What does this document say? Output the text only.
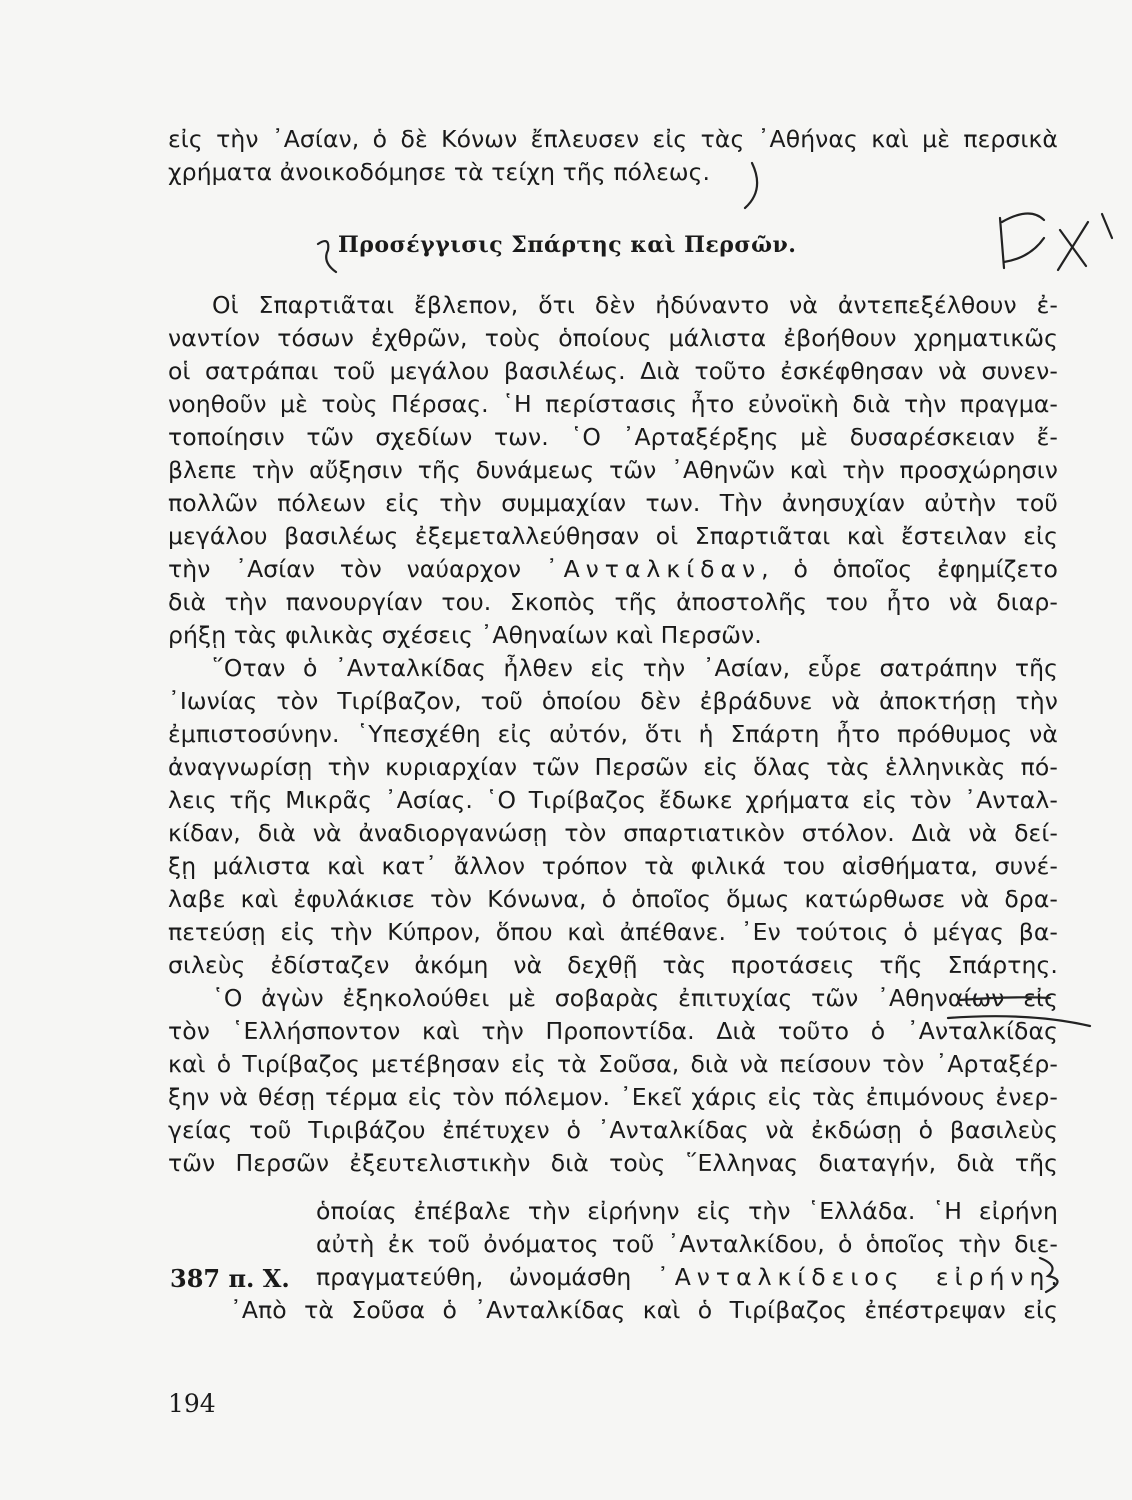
εἰς τὴν ᾿Ασίαν, ὁ δὲ Κόνων ἔπλευσεν εἰς τὰς ᾿Αθήνας καὶ μὲ περσικὰ
χρήματα ἀνοικοδόμησε τὰ τείχη τῆς πόλεως.
Προσέγγισις Σπάρτης καὶ Περσῶν.
Οἱ Σπαρτιᾶται ἔβλεπον, ὅτι δὲν ἠδύναντο νὰ ἀντεπεξέλθουν ἐ-
ναντίον τόσων ἐχθρῶν, τοὺς ὁποίους μάλιστα ἐβοήθουν χρηματικῶς
οἱ σατράπαι τοῦ μεγάλου βασιλέως. Διὰ τοῦτο ἐσκέφθησαν νὰ συνεν-
νοηθοῦν μὲ τοὺς Πέρσας. ῾Η περίστασις ἦτο εὐνοϊκὴ διὰ τὴν πραγμα-
τοποίησιν τῶν σχεδίων των. ῾Ο ᾿Αρταξέρξης μὲ δυσαρέσκειαν ἔ-
βλεπε τὴν αὔξησιν τῆς δυνάμεως τῶν ᾿Αθηνῶν καὶ τὴν προσχώρησιν
πολλῶν πόλεων εἰς τὴν συμμαχίαν των. Τὴν ἀνησυχίαν αὐτὴν τοῦ
μεγάλου βασιλέως ἐξεμεταλλεύθησαν οἱ Σπαρτιᾶται καὶ ἔστειλαν εἰς
τὴν ᾿Ασίαν τὸν ναύαρχον ᾿Ανταλκίδαν, ὁ ὁποῖος ἐφημίζετο
διὰ τὴν πανουργίαν του. Σκοπὸς τῆς ἀποστολῆς του ἦτο νὰ διαρ-
ρήξῃ τὰς φιλικὰς σχέσεις ᾿Αθηναίων καὶ Περσῶν.
῞Οταν ὁ ᾿Ανταλκίδας ἦλθεν εἰς τὴν ᾿Ασίαν, εὗρε σατράπην τῆς
᾿Ιωνίας τὸν Τιρίβαζον, τοῦ ὁποίου δὲν ἐβράδυνε νὰ ἀποκτήσῃ τὴν
ἐμπιστοσύνην. ῾Υπεσχέθη εἰς αὐτόν, ὅτι ἡ Σπάρτη ἦτο πρόθυμος νὰ
ἀναγνωρίσῃ τὴν κυριαρχίαν τῶν Περσῶν εἰς ὅλας τὰς ἑλληνικὰς πό-
λεις τῆς Μικρᾶς ᾿Ασίας. ῾Ο Τιρίβαζος ἔδωκε χρήματα εἰς τὸν ᾿Ανταλ-
κίδαν, διὰ νὰ ἀναδιοργανώσῃ τὸν σπαρτιατικὸν στόλον. Διὰ νὰ δεί-
ξῃ μάλιστα καὶ κατ᾿ ἄλλον τρόπον τὰ φιλικά του αἰσθήματα, συνέ-
λαβε καὶ ἐφυλάκισε τὸν Κόνωνα, ὁ ὁποῖος ὅμως κατώρθωσε νὰ δρα-
πετεύσῃ εἰς τὴν Κύπρον, ὅπου καὶ ἀπέθανε. ᾿Εν τούτοις ὁ μέγας βα-
σιλεὺς ἐδίσταζεν ἀκόμη νὰ δεχθῇ τὰς προτάσεις τῆς Σπάρτης.
῾Ο ἀγὼν ἐξηκολούθει μὲ σοβαρὰς ἐπιτυχίας τῶν ᾿Αθηναίων εἰς
τὸν ῾Ελλήσποντον καὶ τὴν Προποντίδα. Διὰ τοῦτο ὁ ᾿Ανταλκίδας
καὶ ὁ Τιρίβαζος μετέβησαν εἰς τὰ Σοῦσα, διὰ νὰ πείσουν τὸν ᾿Αρταξέρ-
ξην νὰ θέσῃ τέρμα εἰς τὸν πόλεμον. ᾿Εκεῖ χάρις εἰς τὰς ἐπιμόνους ἐνερ-
γείας τοῦ Τιριβάζου ἐπέτυχεν ὁ ᾿Ανταλκίδας νὰ ἐκδώσῃ ὁ βασιλεὺς
τῶν Περσῶν ἐξευτελιστικὴν διὰ τοὺς ῞Ελληνας διαταγήν, διὰ τῆς
ὁποίας ἐπέβαλε τὴν εἰρήνην εἰς τὴν ῾Ελλάδα. ῾Η εἰρήνη
αὐτὴ ἐκ τοῦ ὀνόματος τοῦ ᾿Ανταλκίδου, ὁ ὁποῖος τὴν διε-
πραγματεύθη, ὠνομάσθη ᾿Ανταλκίδειος εἰρήνη.
᾿Απὸ τὰ Σοῦσα ὁ ᾿Ανταλκίδας καὶ ὁ Τιρίβαζος ἐπέστρεψαν εἰς
387 π. Χ.
194
